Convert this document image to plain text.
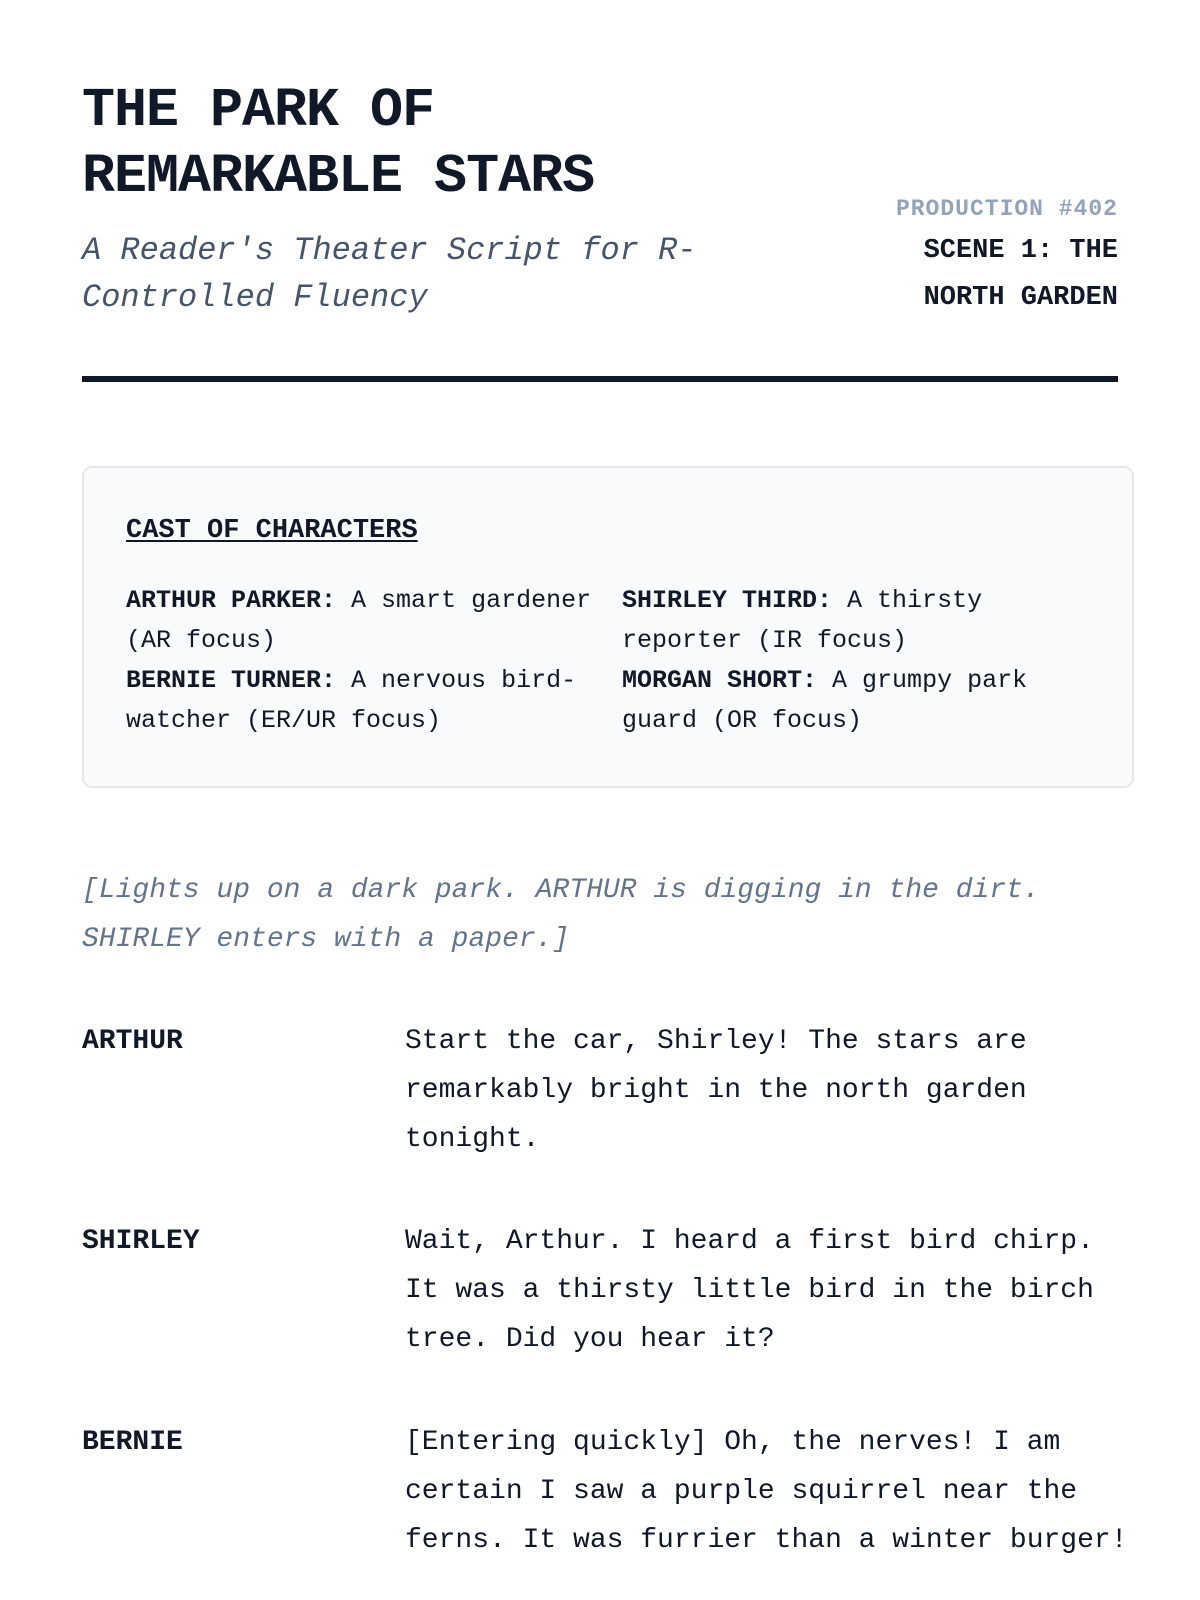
THE PARK OF
REMARKABLE STARS

A Reader's Theater Script for R-Controlled Fluency

PRODUCTION #402
SCENE 1: THE NORTH GARDEN
CAST OF CHARACTERS
ARTHUR PARKER: A smart gardener (AR focus)
SHIRLEY THIRD: A thirsty reporter (IR focus)
BERNIE TURNER: A nervous bird-watcher (ER/UR focus)
MORGAN SHORT: A grumpy park guard (OR focus)

[Lights up on a dark park. ARTHUR is digging in the dirt. SHIRLEY enters with a paper.]

ARTHUR	Start the car, Shirley! The stars are remarkably bright in the north garden tonight.
SHIRLEY	Wait, Arthur. I heard a first bird chirp. It was a thirsty little bird in the birch tree. Did you hear it?
BERNIE	[Entering quickly] Oh, the nerves! I am certain I saw a purple squirrel near the ferns. It was furrier than a winter burger!
